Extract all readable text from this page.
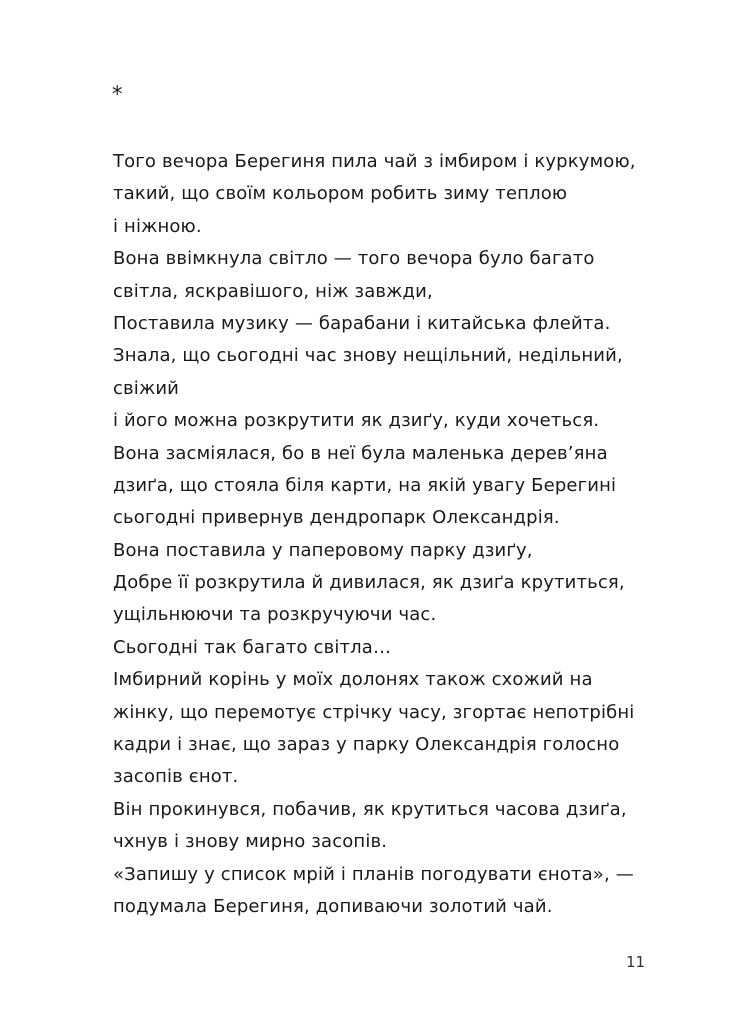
*
Того вечора Берегиня пила чай з імбиром і куркумою,
такий, що своїм кольором робить зиму теплою
і ніжною.
Вона ввімкнула світло — того вечора було багато
світла, яскравішого, ніж завжди,
Поставила музику — барабани і китайська флейта.
Знала, що сьогодні час знову нещільний, недільний,
свіжий
і його можна розкрутити як дзиґу, куди хочеться.
Вона засміялася, бо в неї була маленька дерев’яна
дзиґа, що стояла біля карти, на якій увагу Берегині
сьогодні привернув дендропарк Олександрія.
Вона поставила у паперовому парку дзиґу,
Добре її розкрутила й дивилася, як дзиґа крутиться,
ущільнюючи та розкручуючи час.
Сьогодні так багато світла…
Імбирний корінь у моїх долонях також схожий на
жінку, що перемотує стрічку часу, згортає непотрібні
кадри і знає, що зараз у парку Олександрія голосно
засопів єнот.
Він прокинувся, побачив, як крутиться часова дзиґа,
чхнув і знову мирно засопів.
«Запишу у список мрій і планів погодувати єнота», —
подумала Берегиня, допиваючи золотий чай.
11
